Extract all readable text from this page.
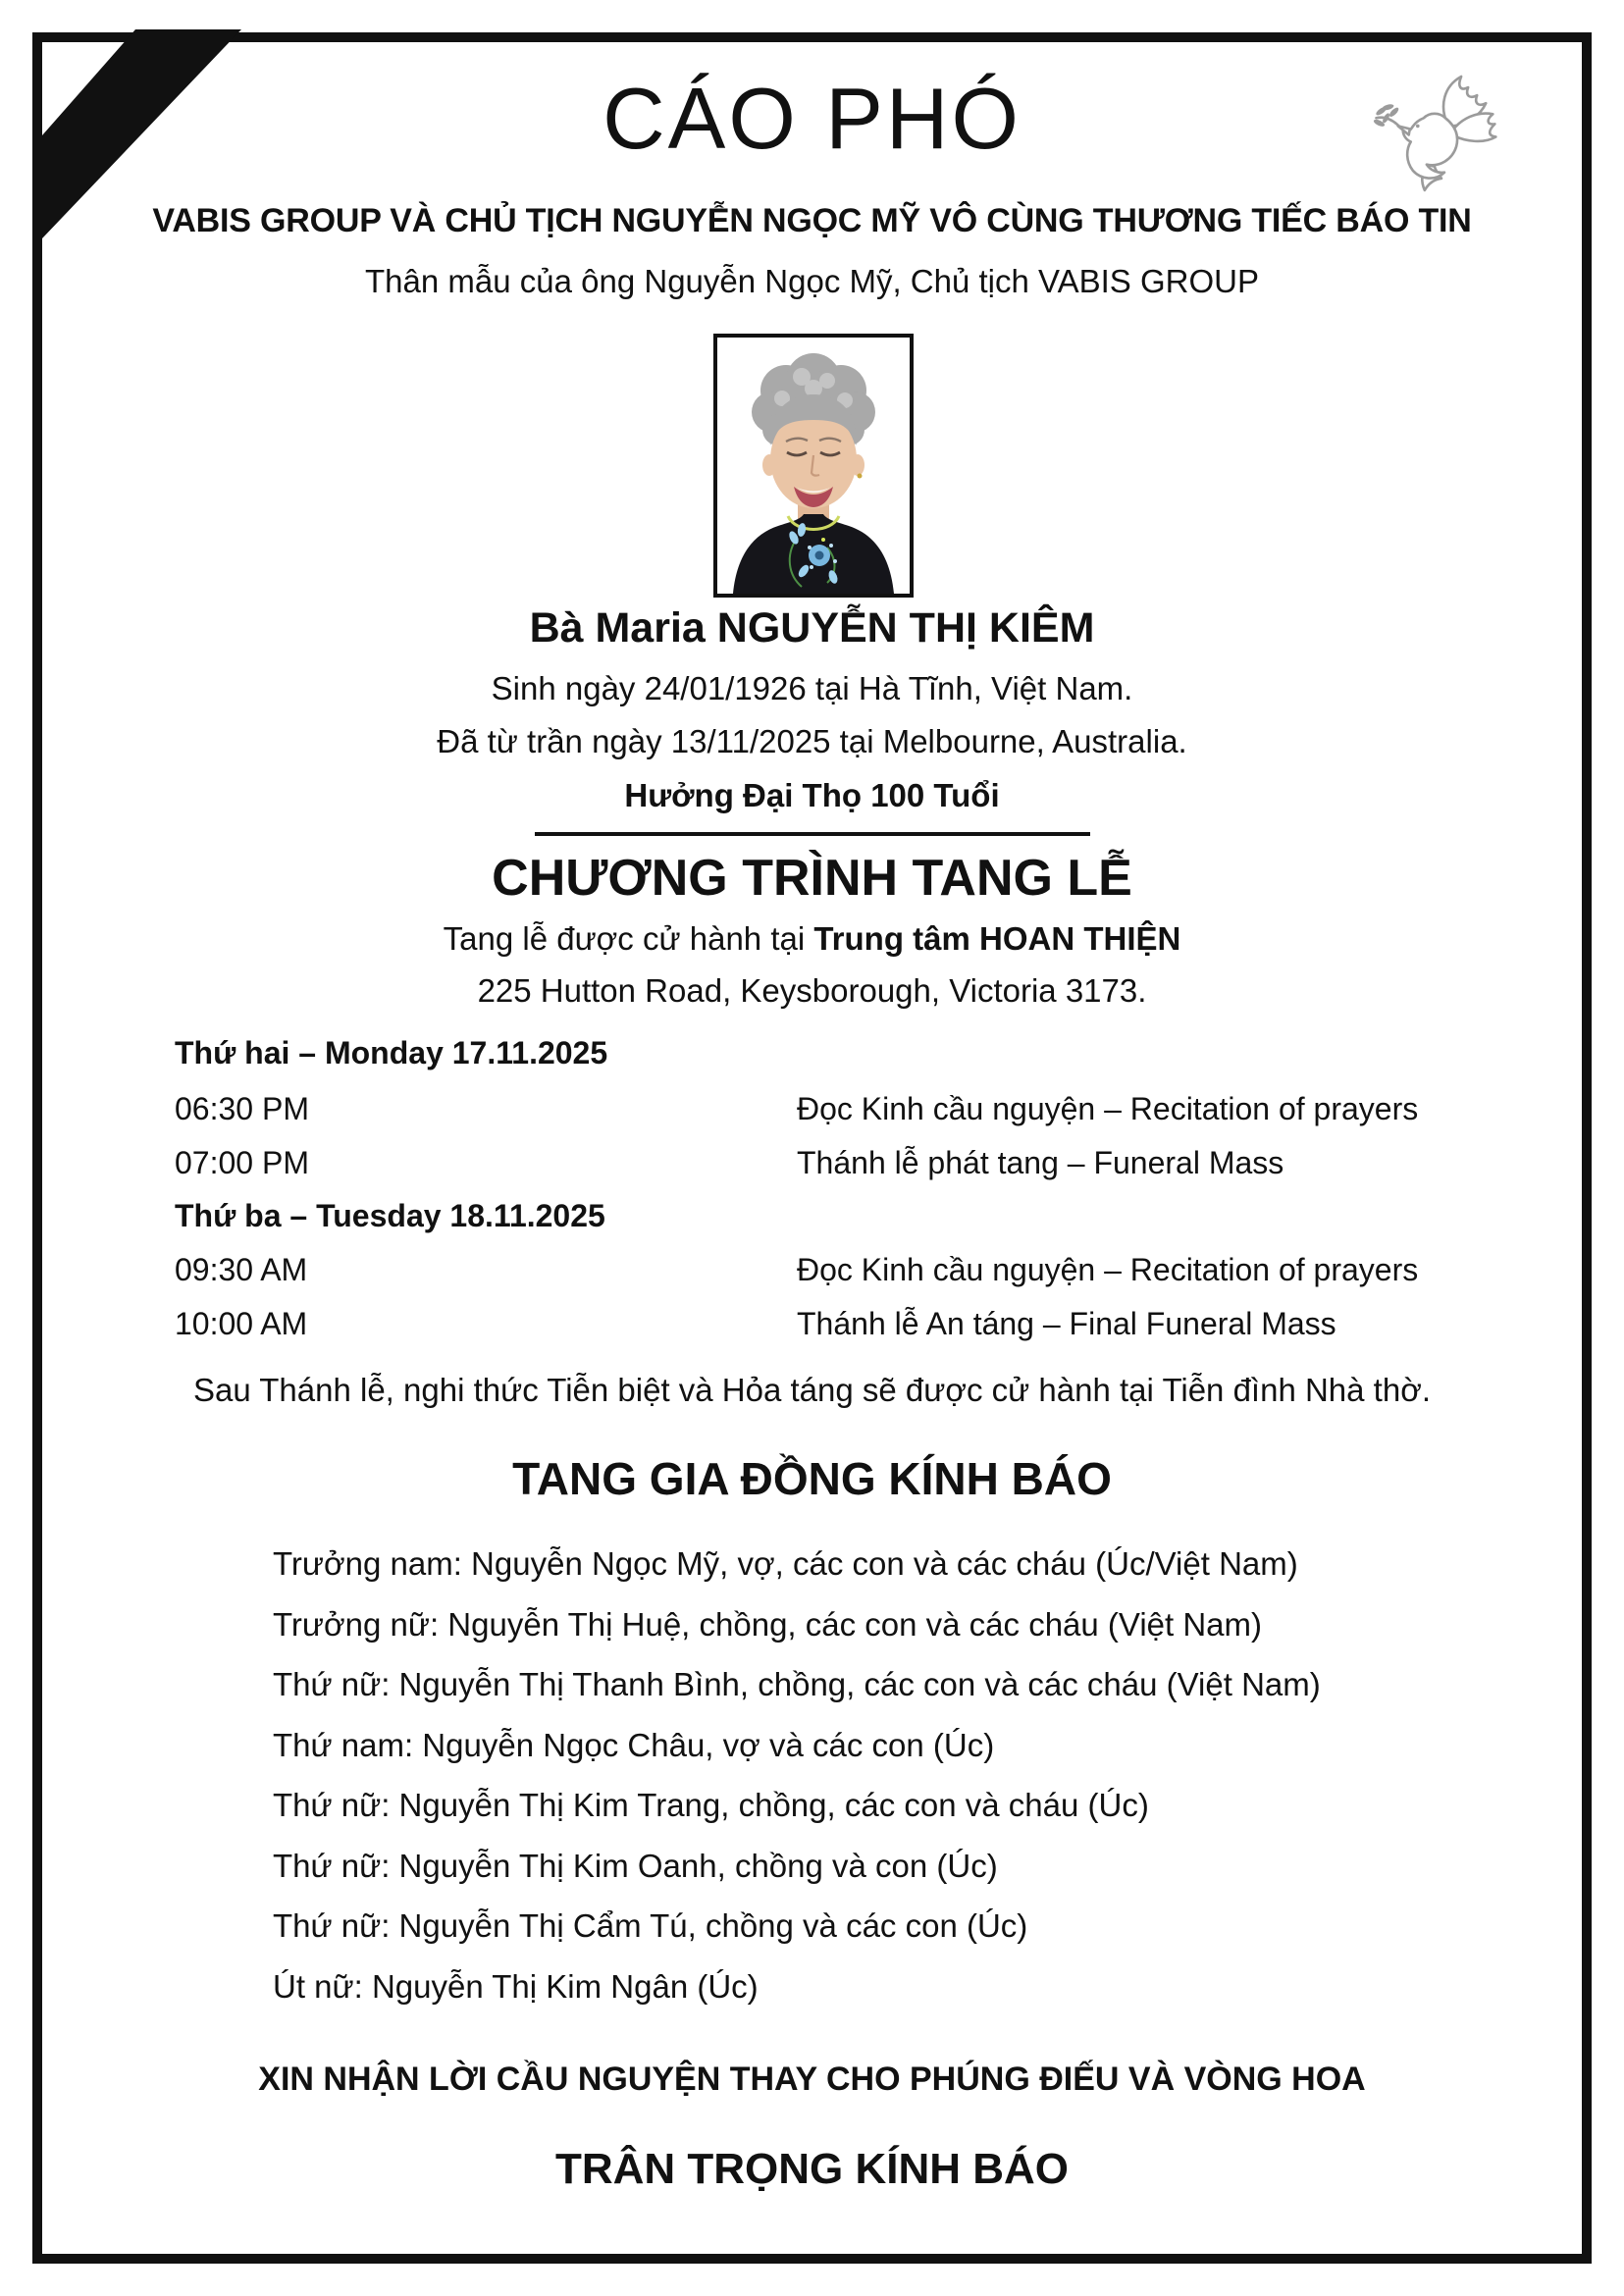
CÁO PHÓ
VABIS GROUP VÀ CHỦ TỊCH NGUYỄN NGỌC MỸ VÔ CÙNG THƯƠNG TIẾC BÁO TIN
Thân mẫu của ông Nguyễn Ngọc Mỹ, Chủ tịch VABIS GROUP
Bà Maria NGUYỄN THỊ KIÊM
Sinh ngày 24/01/1926 tại Hà Tĩnh, Việt Nam.
Đã từ trần ngày 13/11/2025 tại Melbourne, Australia.
Hưởng Đại Thọ 100 Tuổi
CHƯƠNG TRÌNH TANG LỄ
Tang lễ được cử hành tại Trung tâm HOAN THIỆN
225 Hutton Road, Keysborough, Victoria 3173.
Thứ hai – Monday 17.11.2025
06:30 PM	Đọc Kinh cầu nguyện – Recitation of prayers
07:00 PM	Thánh lễ phát tang – Funeral Mass
Thứ ba – Tuesday 18.11.2025
09:30 AM	Đọc Kinh cầu nguyện – Recitation of prayers
10:00 AM	Thánh lễ An táng – Final Funeral Mass
Sau Thánh lễ, nghi thức Tiễn biệt và Hỏa táng sẽ được cử hành tại Tiễn đình Nhà thờ.
TANG GIA ĐỒNG KÍNH BÁO
Trưởng nam: Nguyễn Ngọc Mỹ, vợ, các con và các cháu (Úc/Việt Nam)
Trưởng nữ: Nguyễn Thị Huệ, chồng, các con và các cháu (Việt Nam)
Thứ nữ: Nguyễn Thị Thanh Bình, chồng, các con và các cháu (Việt Nam)
Thứ nam: Nguyễn Ngọc Châu, vợ và các con (Úc)
Thứ nữ: Nguyễn Thị Kim Trang, chồng, các con và cháu (Úc)
Thứ nữ: Nguyễn Thị Kim Oanh, chồng và con (Úc)
Thứ nữ: Nguyễn Thị Cẩm Tú, chồng và các con (Úc)
Út nữ: Nguyễn Thị Kim Ngân (Úc)
XIN NHẬN LỜI CẦU NGUYỆN THAY CHO PHÚNG ĐIẾU VÀ VÒNG HOA
TRÂN TRỌNG KÍNH BÁO
